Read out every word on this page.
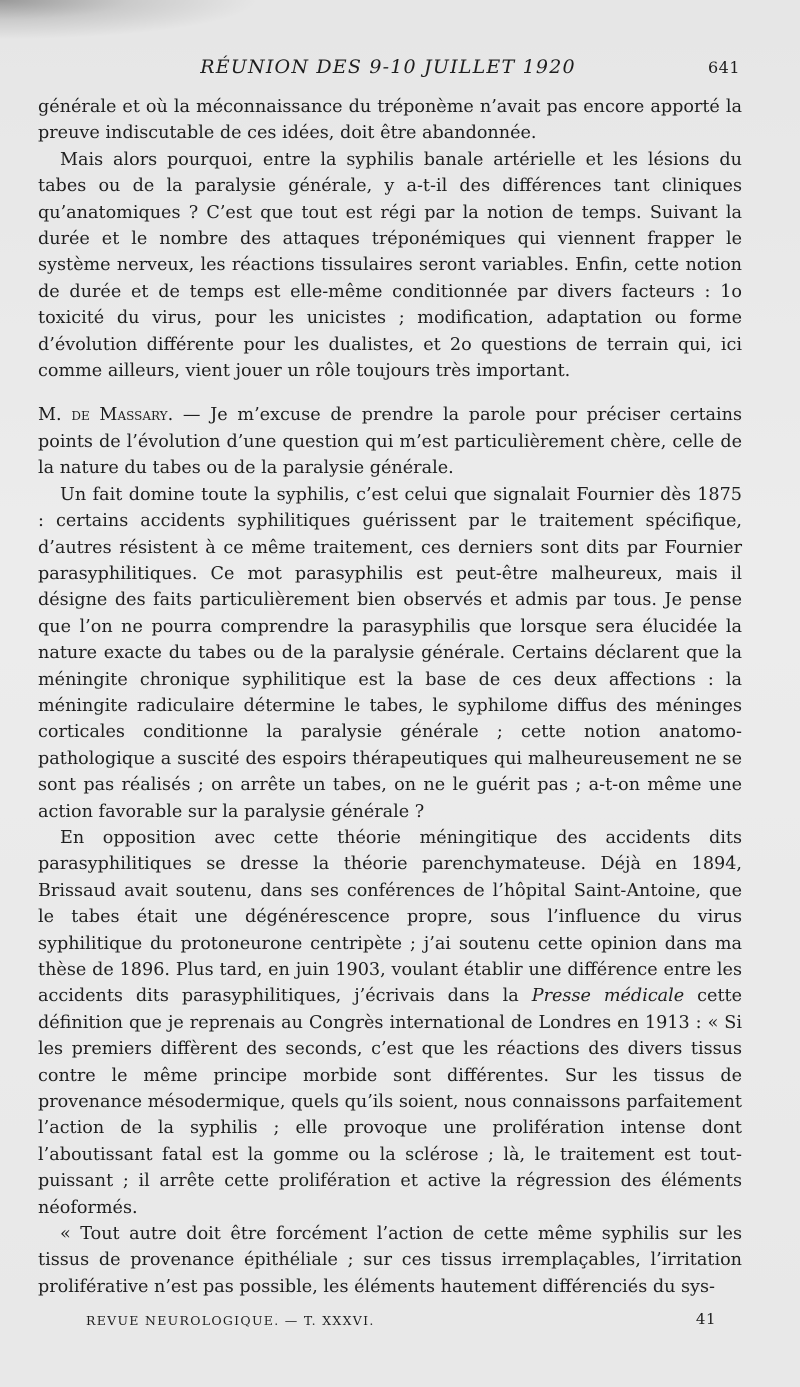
RÉUNION DES 9-10 JUILLET 1920	641

générale et où la méconnaissance du tréponème n’avait pas encore apporté la preuve indiscutable de ces idées, doit être abandonnée.

Mais alors pourquoi, entre la syphilis banale artérielle et les lésions du tabes ou de la paralysie générale, y a-t-il des différences tant cliniques qu’anatomiques ? C’est que tout est régi par la notion de temps. Suivant la durée et le nombre des attaques tréponémiques qui viennent frapper le système nerveux, les réactions tissulaires seront variables. Enfin, cette notion de durée et de temps est elle-même conditionnée par divers facteurs : 1o toxicité du virus, pour les unicistes ; modification, adaptation ou forme d’évolution différente pour les dualistes, et 2o questions de terrain qui, ici comme ailleurs, vient jouer un rôle toujours très important.

M. de Massary. — Je m’excuse de prendre la parole pour préciser certains points de l’évolution d’une question qui m’est particulièrement chère, celle de la nature du tabes ou de la paralysie générale.

Un fait domine toute la syphilis, c’est celui que signalait Fournier dès 1875 : certains accidents syphilitiques guérissent par le traitement spécifique, d’autres résistent à ce même traitement, ces derniers sont dits par Fournier parasyphilitiques. Ce mot parasyphilis est peut-être malheureux, mais il désigne des faits particulièrement bien observés et admis par tous. Je pense que l’on ne pourra comprendre la parasyphilis que lorsque sera élucidée la nature exacte du tabes ou de la paralysie générale. Certains déclarent que la méningite chronique syphilitique est la base de ces deux affections : la méningite radiculaire détermine le tabes, le syphilome diffus des méninges corticales conditionne la paralysie générale ; cette notion anatomo-pathologique a suscité des espoirs thérapeutiques qui malheureusement ne se sont pas réalisés ; on arrête un tabes, on ne le guérit pas ; a-t-on même une action favorable sur la paralysie générale ?

En opposition avec cette théorie méningitique des accidents dits parasyphilitiques se dresse la théorie parenchymateuse. Déjà en 1894, Brissaud avait soutenu, dans ses conférences de l’hôpital Saint-Antoine, que le tabes était une dégénérescence propre, sous l’influence du virus syphilitique du protoneurone centripète ; j’ai soutenu cette opinion dans ma thèse de 1896. Plus tard, en juin 1903, voulant établir une différence entre les accidents dits parasyphilitiques, j’écrivais dans la Presse médicale cette définition que je reprenais au Congrès international de Londres en 1913 : « Si les premiers diffèrent des seconds, c’est que les réactions des divers tissus contre le même principe morbide sont différentes. Sur les tissus de provenance mésodermique, quels qu’ils soient, nous connaissons parfaitement l’action de la syphilis ; elle provoque une prolifération intense dont l’aboutissant fatal est la gomme ou la sclérose ; là, le traitement est tout-puissant ; il arrête cette prolifération et active la régression des éléments néoformés.

« Tout autre doit être forcément l’action de cette même syphilis sur les tissus de provenance épithéliale ; sur ces tissus irremplaçables, l’irritation proliférative n’est pas possible, les éléments hautement différenciés du sys-

REVUE NEUROLOGIQUE. — T. XXXVI.	41
